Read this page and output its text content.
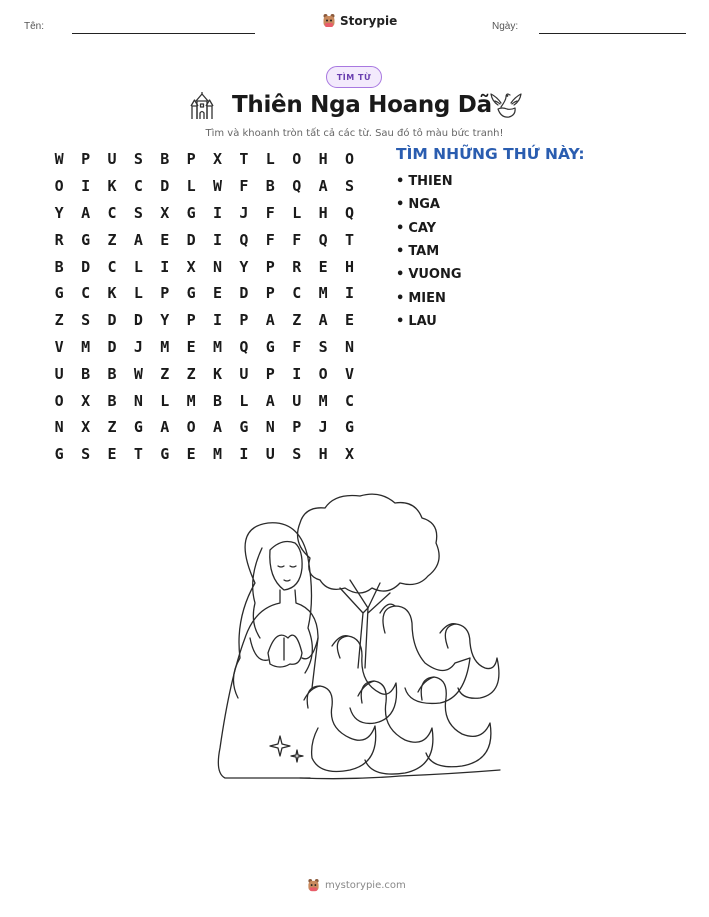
Tên:	Storypie	Ngày:
TÌM TỪ
Thiên Nga Hoang Dã
Tìm và khoanh tròn tất cả các từ. Sau đó tô màu bức tranh!
W	P	U	S	B	P	X	T	L	O	H	O
O	I	K	C	D	L	W	F	B	Q	A	S
Y	A	C	S	X	G	I	J	F	L	H	Q
R	G	Z	A	E	D	I	Q	F	F	Q	T
B	D	C	L	I	X	N	Y	P	R	E	H
G	C	K	L	P	G	E	D	P	C	M	I
Z	S	D	D	Y	P	I	P	A	Z	A	E
V	M	D	J	M	E	M	Q	G	F	S	N
U	B	B	W	Z	Z	K	U	P	I	O	V
O	X	B	N	L	M	B	L	A	U	M	C
N	X	Z	G	A	O	A	G	N	P	J	G
G	S	E	T	G	E	M	I	U	S	H	X
TÌM NHỮNG THỨ NÀY:
• THIEN
• NGA
• CAY
• TAM
• VUONG
• MIEN
• LAU
mystorypie.com
